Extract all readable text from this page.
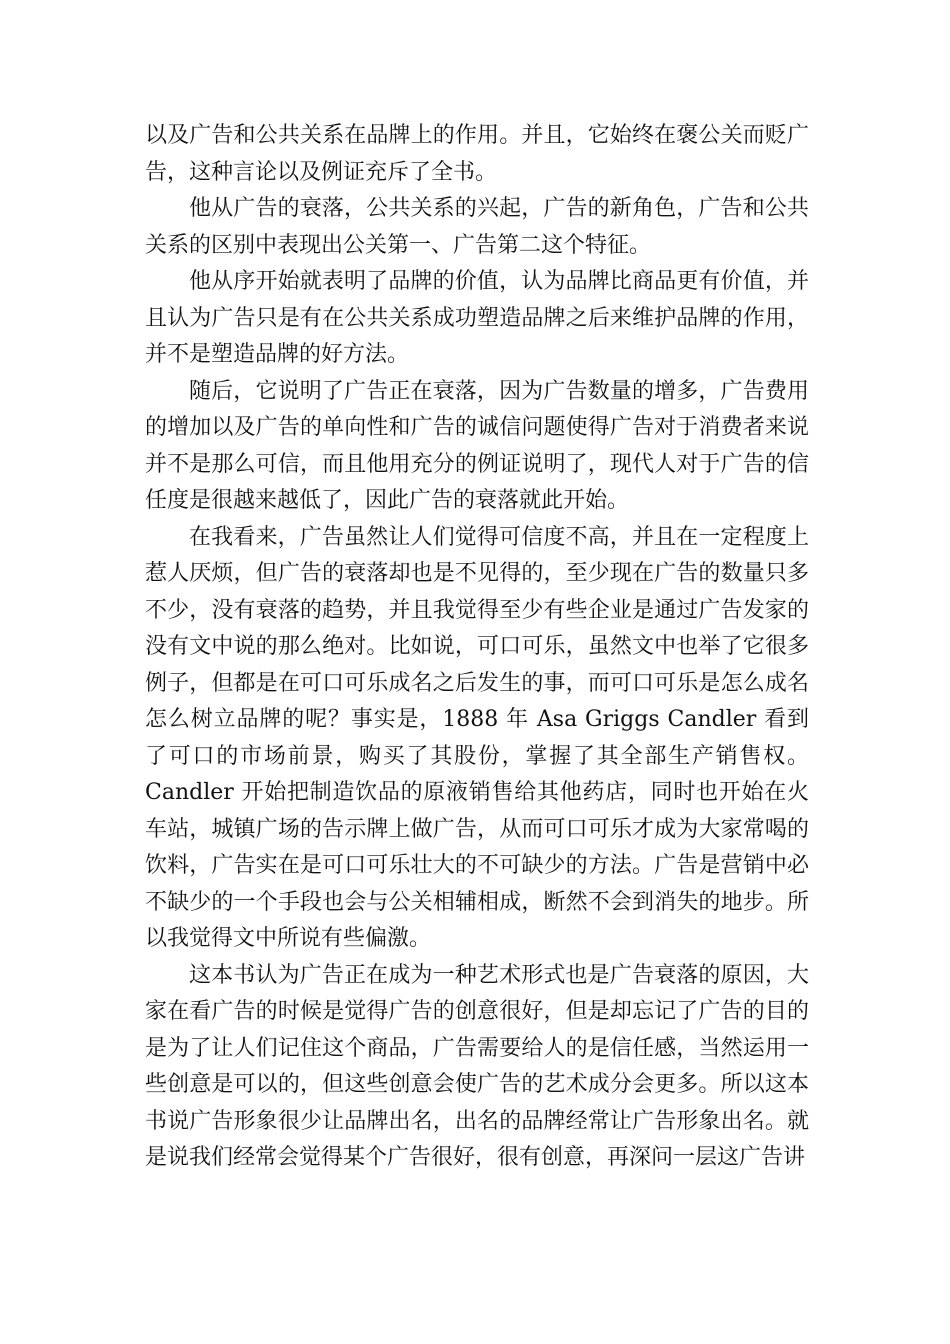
以及广告和公共关系在品牌上的作用。并且，它始终在褒公关而贬广告，这种言论以及例证充斥了全书。

他从广告的衰落，公共关系的兴起，广告的新角色，广告和公共关系的区别中表现出公关第一、广告第二这个特征。

他从序开始就表明了品牌的价值，认为品牌比商品更有价值，并且认为广告只是有在公共关系成功塑造品牌之后来维护品牌的作用，并不是塑造品牌的好方法。

随后，它说明了广告正在衰落，因为广告数量的增多，广告费用的增加以及广告的单向性和广告的诚信问题使得广告对于消费者来说并不是那么可信，而且他用充分的例证说明了，现代人对于广告的信任度是很越来越低了，因此广告的衰落就此开始。

在我看来，广告虽然让人们觉得可信度不高，并且在一定程度上惹人厌烦，但广告的衰落却也是不见得的，至少现在广告的数量只多不少，没有衰落的趋势，并且我觉得至少有些企业是通过广告发家的没有文中说的那么绝对。比如说，可口可乐，虽然文中也举了它很多例子，但都是在可口可乐成名之后发生的事，而可口可乐是怎么成名怎么树立品牌的呢？事实是，1888 年 Asa Griggs Candler 看到了可口的市场前景，购买了其股份，掌握了其全部生产销售权。Candler 开始把制造饮品的原液销售给其他药店，同时也开始在火车站，城镇广场的告示牌上做广告，从而可口可乐才成为大家常喝的饮料，广告实在是可口可乐壮大的不可缺少的方法。广告是营销中必不缺少的一个手段也会与公关相辅相成，断然不会到消失的地步。所以我觉得文中所说有些偏激。

这本书认为广告正在成为一种艺术形式也是广告衰落的原因，大家在看广告的时候是觉得广告的创意很好，但是却忘记了广告的目的是为了让人们记住这个商品，广告需要给人的是信任感，当然运用一些创意是可以的，但这些创意会使广告的艺术成分会更多。所以这本书说广告形象很少让品牌出名，出名的品牌经常让广告形象出名。就是说我们经常会觉得某个广告很好，很有创意，再深问一层这广告讲
